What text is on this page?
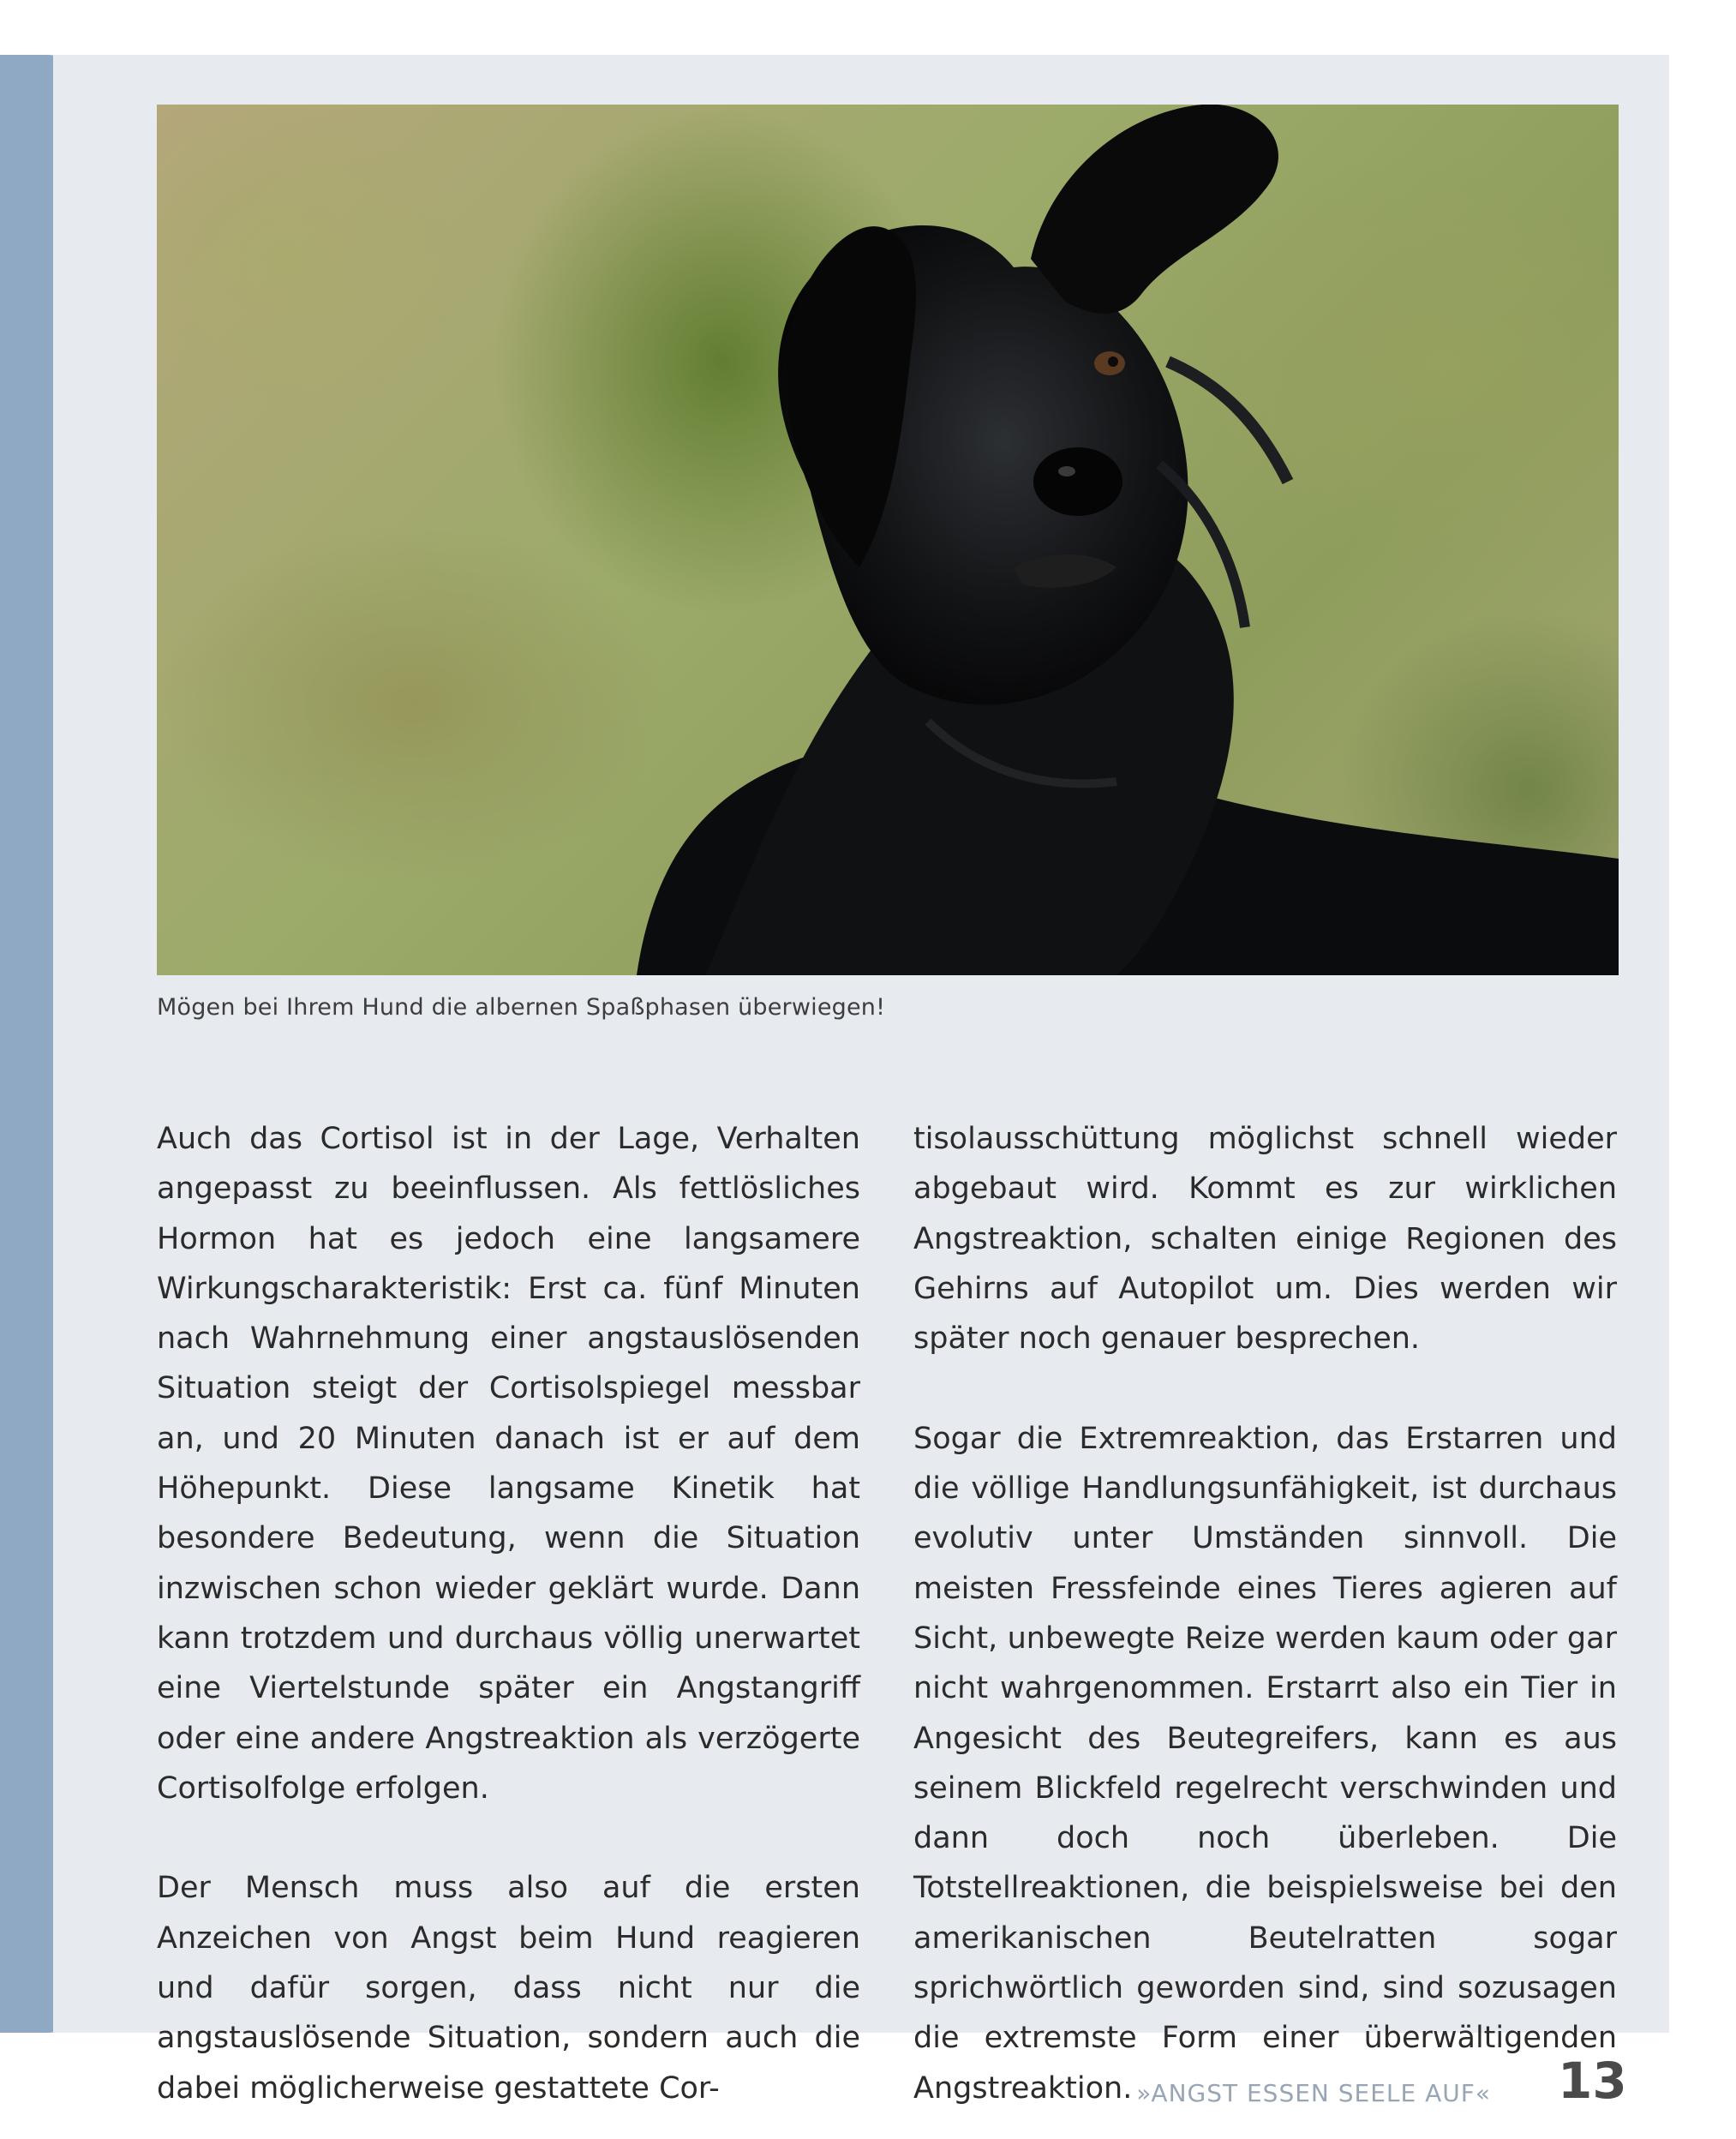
Mögen bei Ihrem Hund die albernen Spaßphasen überwiegen!

Auch das Cortisol ist in der Lage, Verhalten angepasst zu beeinflussen. Als fettlösliches Hormon hat es jedoch eine langsamere Wirkungscharakteristik: Erst ca. fünf Minuten nach Wahrnehmung einer angstauslösenden Situation steigt der Cortisolspiegel messbar an, und 20 Minuten danach ist er auf dem Höhepunkt. Diese langsame Kinetik hat besondere Bedeutung, wenn die Situation inzwischen schon wieder geklärt wurde. Dann kann trotzdem und durchaus völlig unerwartet eine Viertelstunde später ein Angstangriff oder eine andere Angstreaktion als verzögerte Cortisolfolge erfolgen.

Der Mensch muss also auf die ersten Anzeichen von Angst beim Hund reagieren und dafür sorgen, dass nicht nur die angstauslösende Situation, sondern auch die dabei möglicherweise gestattete Cor-

tisolausschüttung möglichst schnell wieder abgebaut wird. Kommt es zur wirklichen Angstreaktion, schalten einige Regionen des Gehirns auf Autopilot um. Dies werden wir später noch genauer besprechen.

Sogar die Extremreaktion, das Erstarren und die völlige Handlungsunfähigkeit, ist durchaus evolutiv unter Umständen sinnvoll. Die meisten Fressfeinde eines Tieres agieren auf Sicht, unbewegte Reize werden kaum oder gar nicht wahrgenommen. Erstarrt also ein Tier in Angesicht des Beutegreifers, kann es aus seinem Blickfeld regelrecht verschwinden und dann doch noch überleben. Die Totstellreaktionen, die beispielsweise bei den amerikanischen Beutelratten sogar sprichwörtlich geworden sind, sind sozusagen die extremste Form einer überwältigenden Angstreaktion. »ANGST ESSEN SEELE AUF« 13
